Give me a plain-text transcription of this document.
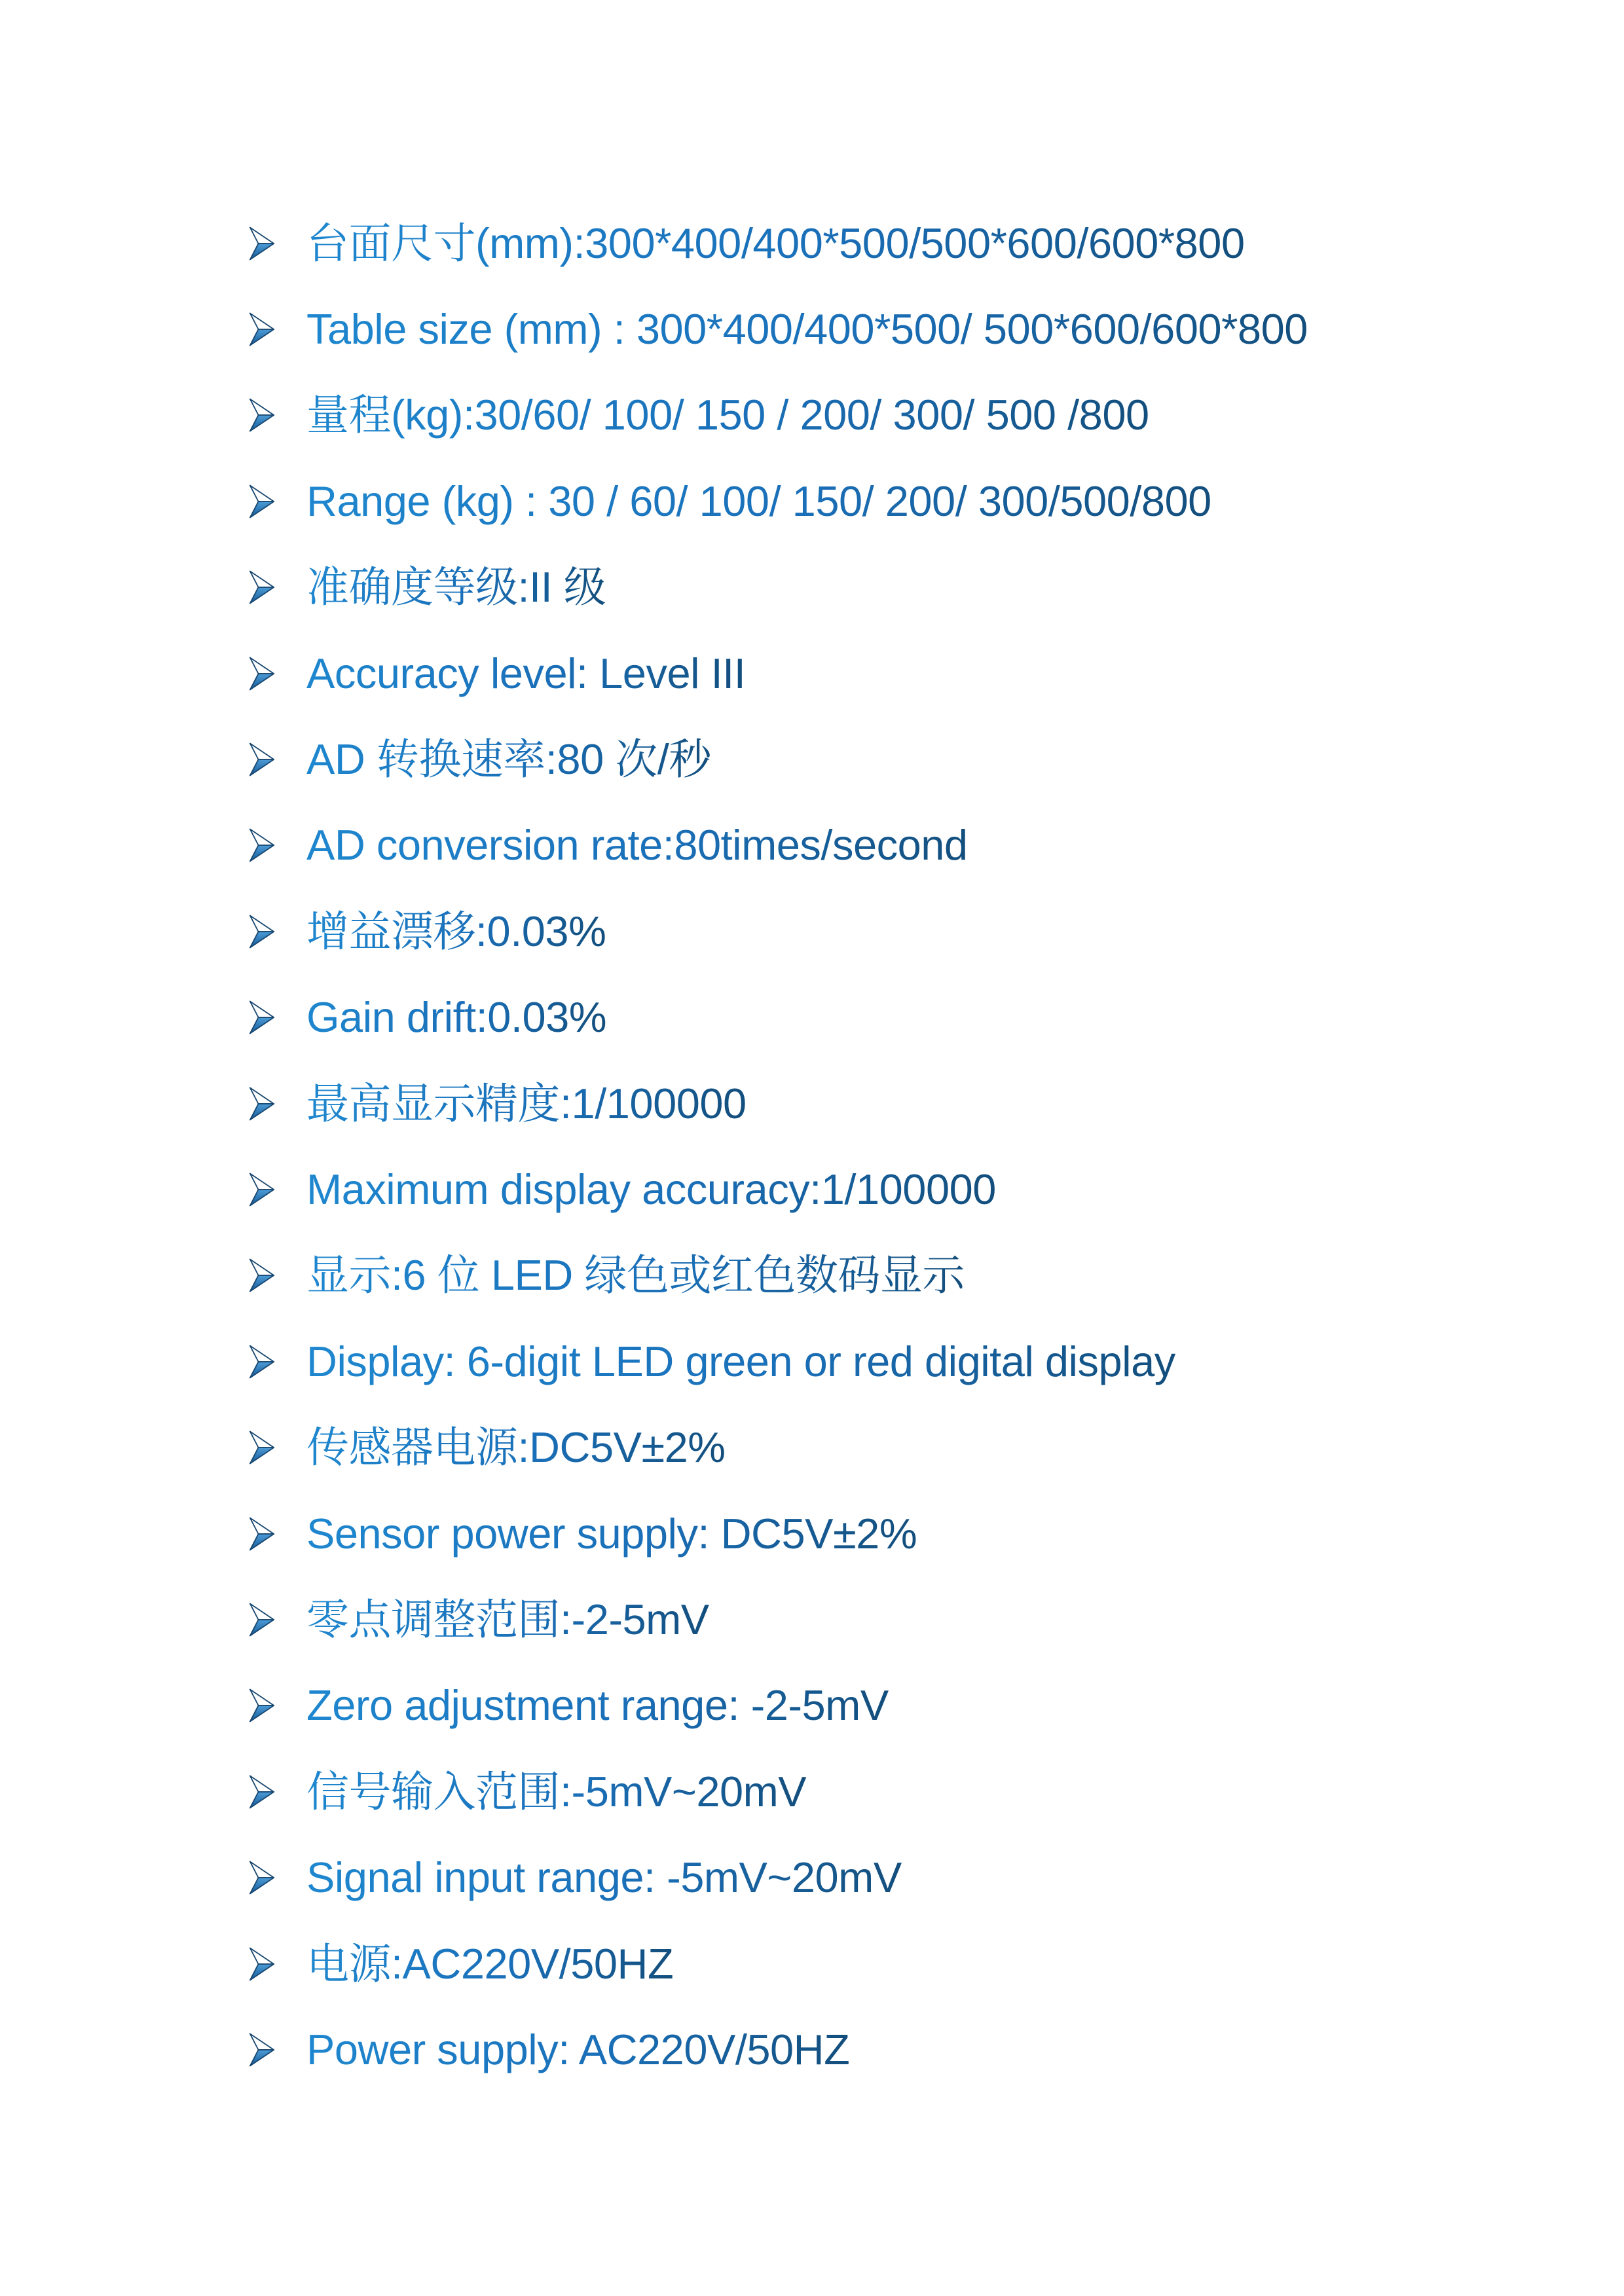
台面尺寸(mm):300*400/400*500/500*600/600*800
Table size (mm) : 300*400/400*500/ 500*600/600*800
量程(kg):30/60/ 100/ 150 / 200/ 300/ 500 /800
Range (kg) : 30 / 60/ 100/ 150/ 200/ 300/500/800
准确度等级:II 级
Accuracy level: Level III
AD 转换速率:80 次/秒
AD conversion rate:80times/second
增益漂移:0.03%
Gain drift:0.03%
最高显示精度:1/100000
Maximum display accuracy:1/100000
显示:6 位 LED 绿色或红色数码显示
Display: 6-digit LED green or red digital display
传感器电源:DC5V±2%
Sensor power supply: DC5V±2%
零点调整范围:-2-5mV
Zero adjustment range: -2-5mV
信号输入范围:-5mV~20mV
Signal input range: -5mV~20mV
电源:AC220V/50HZ
Power supply: AC220V/50HZ
